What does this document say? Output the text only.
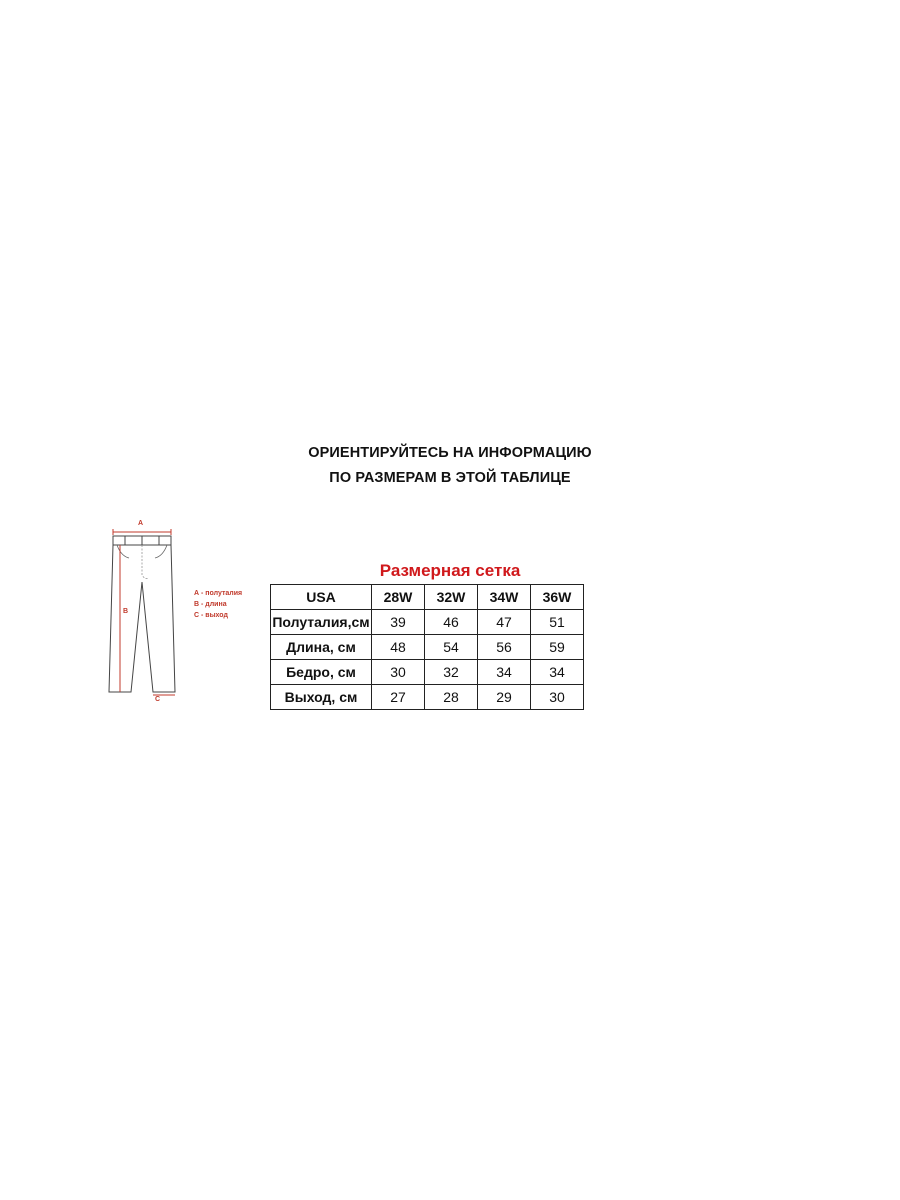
ОРИЕНТИРУЙТЕСЬ НА ИНФОРМАЦИЮ
ПО РАЗМЕРАМ В ЭТОЙ ТАБЛИЦЕ
A
B
C
А - полуталия
В - длина
С - выход
Размерная сетка
USA	28W	32W	34W	36W
Полуталия,см	39	46	47	51
Длина, см	48	54	56	59
Бедро, см	30	32	34	34
Выход, см	27	28	29	30
